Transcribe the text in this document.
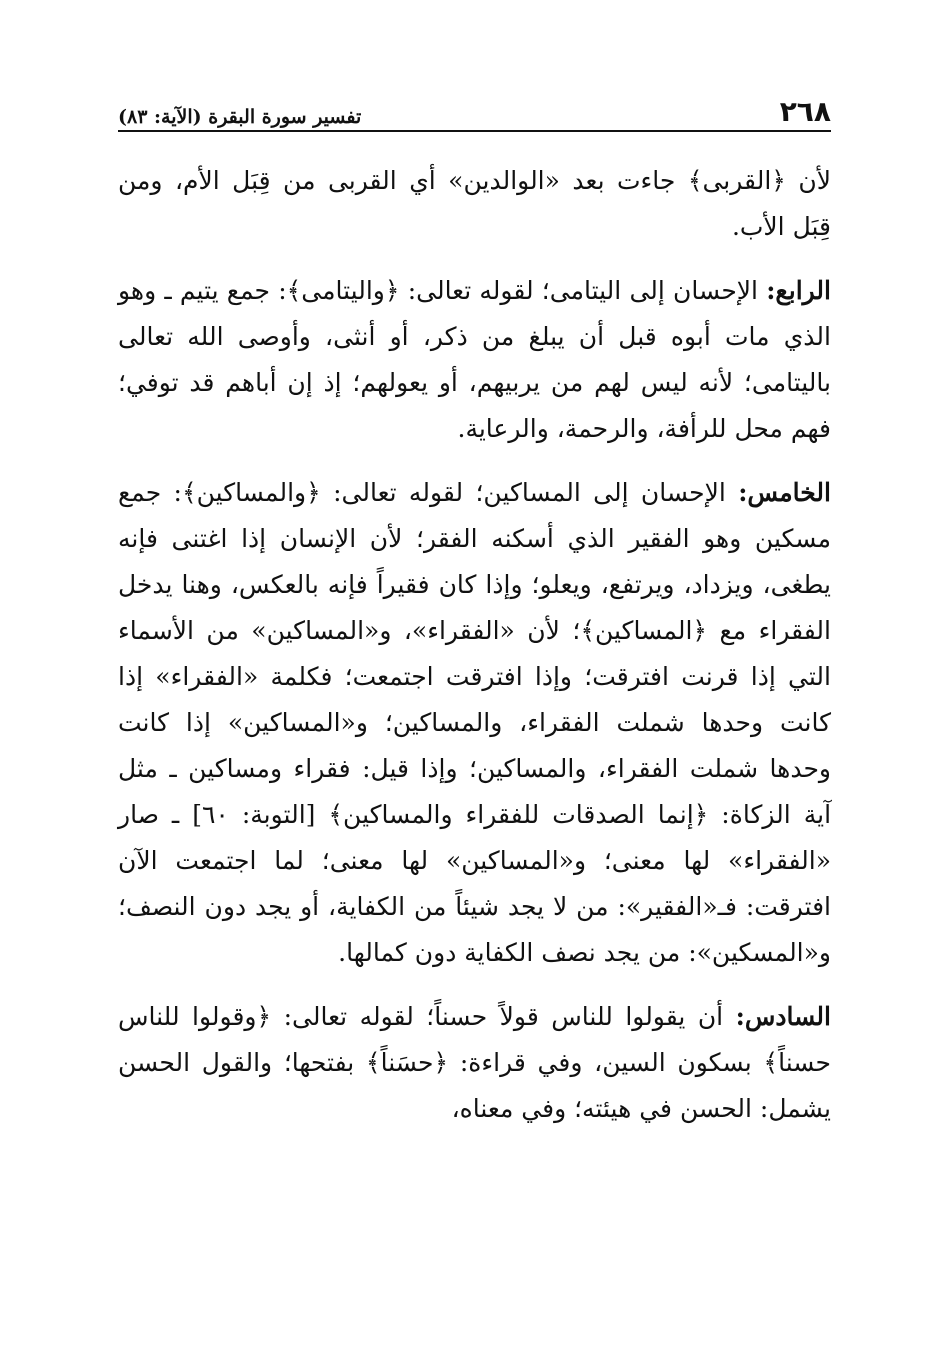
٢٦٨
تفسير سورة البقرة (الآية: ٨٣)

لأن ﴿القربى﴾ جاءت بعد «الوالدين» أي القربى من قِبَل الأم، ومن قِبَل الأب.

الرابع: الإحسان إلى اليتامى؛ لقوله تعالى: ﴿واليتامى﴾: جمع يتيم ـ وهو الذي مات أبوه قبل أن يبلغ من ذكر، أو أنثى، وأوصى الله تعالى باليتامى؛ لأنه ليس لهم من يربيهم، أو يعولهم؛ إذ إن أباهم قد توفي؛ فهم محل للرأفة، والرحمة، والرعاية.

الخامس: الإحسان إلى المساكين؛ لقوله تعالى: ﴿والمساكين﴾: جمع مسكين وهو الفقير الذي أسكنه الفقر؛ لأن الإنسان إذا اغتنى فإنه يطغى، ويزداد، ويرتفع، ويعلو؛ وإذا كان فقيراً فإنه بالعكس، وهنا يدخل الفقراء مع ﴿المساكين﴾؛ لأن «الفقراء»، و«المساكين» من الأسماء التي إذا قرنت افترقت؛ وإذا افترقت اجتمعت؛ فكلمة «الفقراء» إذا كانت وحدها شملت الفقراء، والمساكين؛ و«المساكين» إذا كانت وحدها شملت الفقراء، والمساكين؛ وإذا قيل: فقراء ومساكين ـ مثل آية الزكاة: ﴿إنما الصدقات للفقراء والمساكين﴾ [التوبة: ٦٠] ـ صار «الفقراء» لها معنى؛ و«المساكين» لها معنى؛ لما اجتمعت الآن افترقت: فـ«الفقير»: من لا يجد شيئاً من الكفاية، أو يجد دون النصف؛ و«المسكين»: من يجد نصف الكفاية دون كمالها.

السادس: أن يقولوا للناس قولاً حسناً؛ لقوله تعالى: ﴿وقولوا للناس حسناً﴾ بسكون السين، وفي قراءة: ﴿حسَناً﴾ بفتحها؛ والقول الحسن يشمل: الحسن في هيئته؛ وفي معناه،
